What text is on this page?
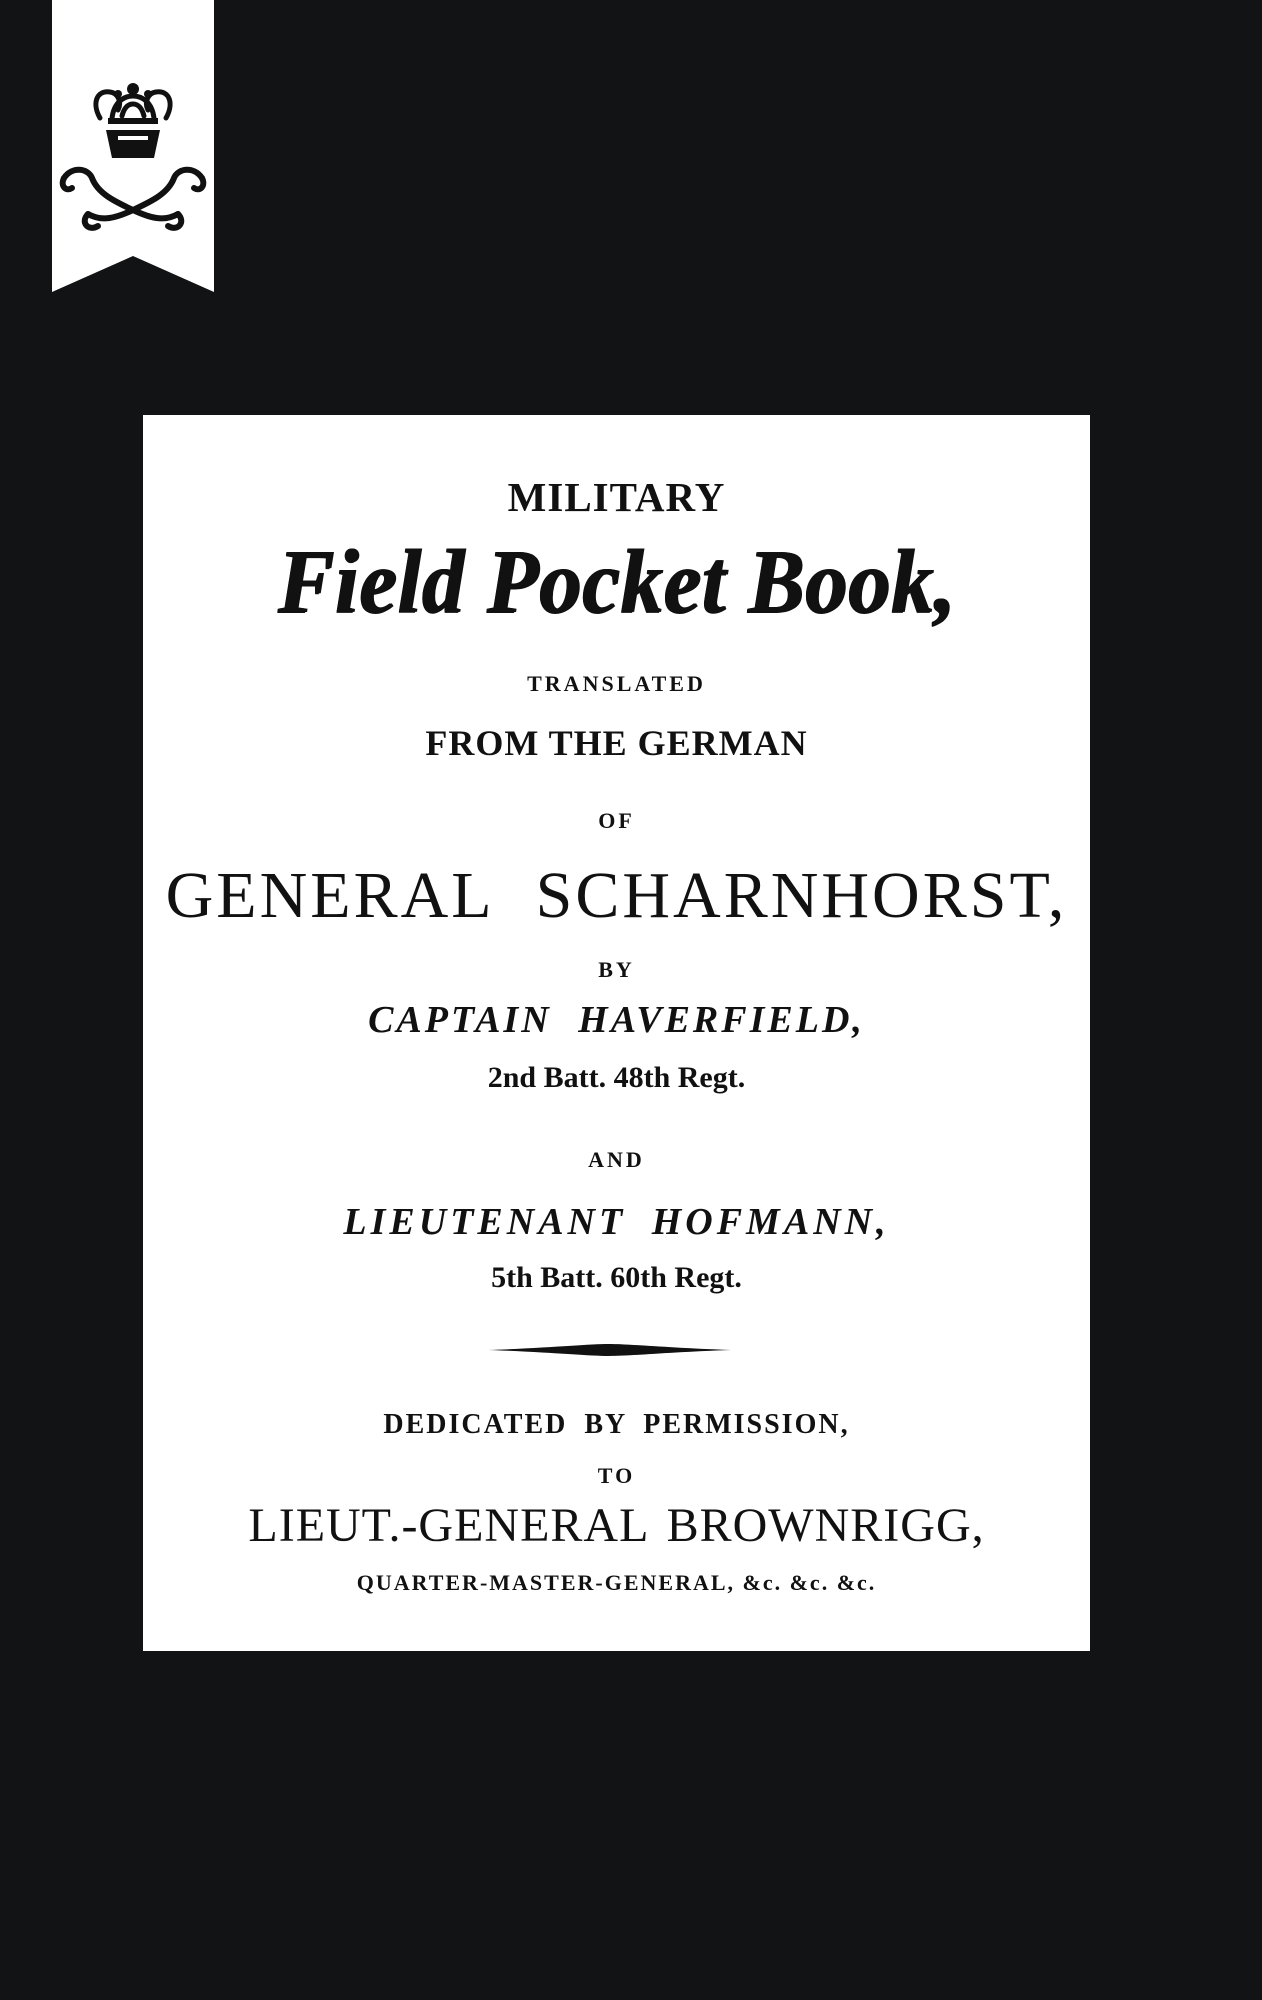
MILITARY
Field Pocket Book,
TRANSLATED
FROM THE GERMAN
OF
GENERAL SCHARNHORST,
BY
CAPTAIN HAVERFIELD,
2nd Batt. 48th Regt.
AND
LIEUTENANT HOFMANN,
5th Batt. 60th Regt.
DEDICATED BY PERMISSION,
TO
LIEUT.-GENERAL BROWNRIGG,
QUARTER-MASTER-GENERAL, &c. &c. &c.
